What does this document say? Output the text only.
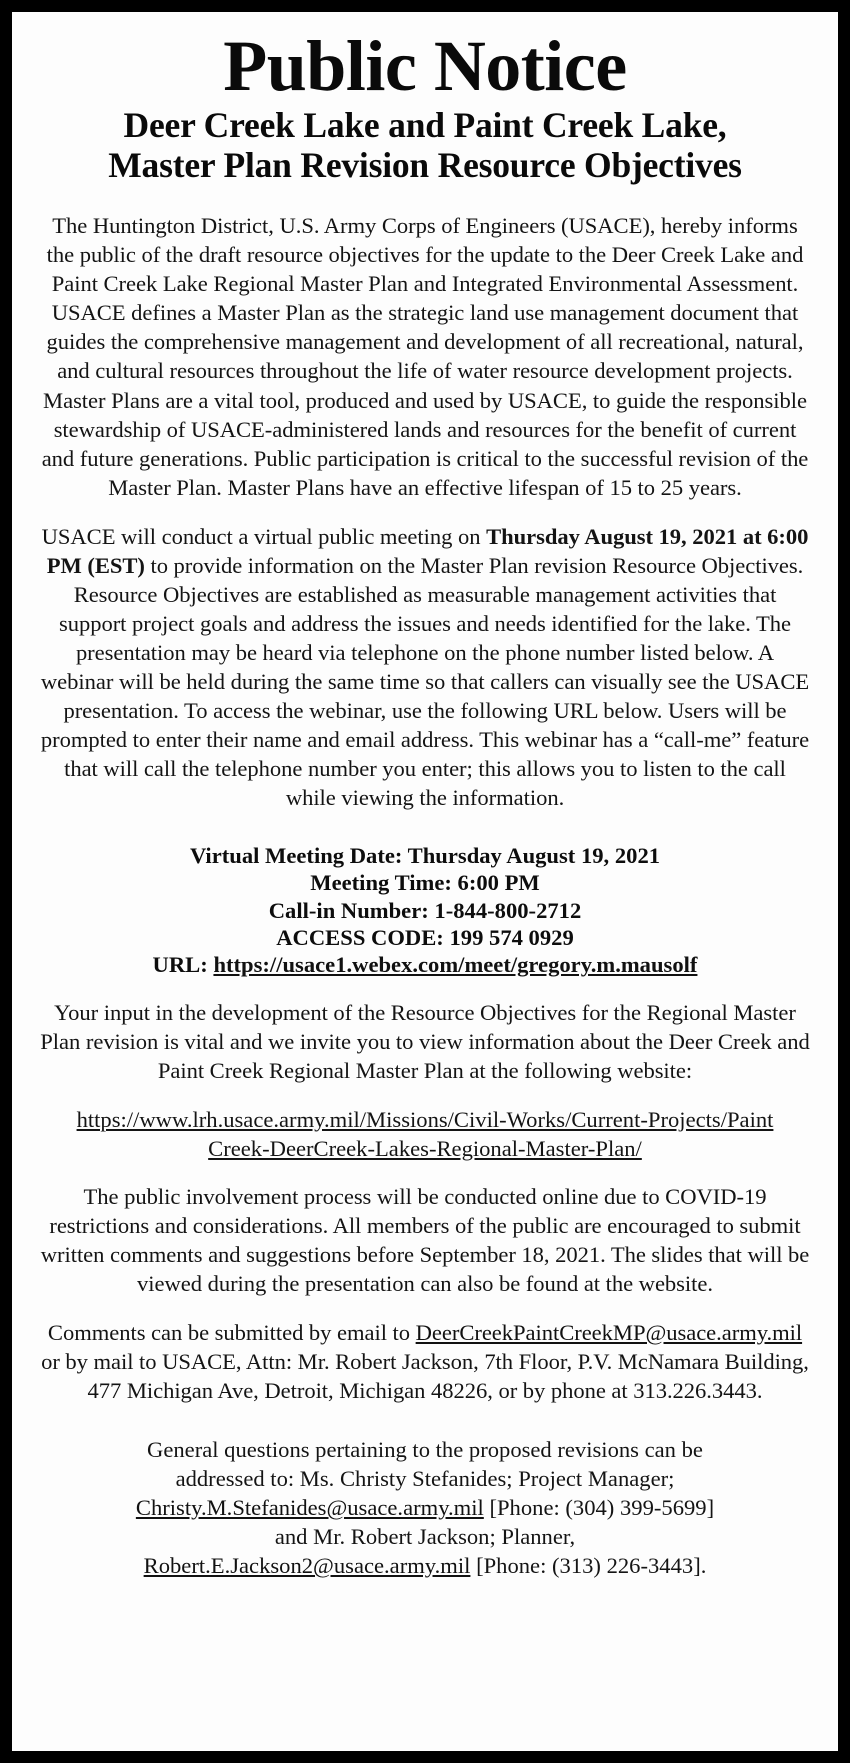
Public Notice
Deer Creek Lake and Paint Creek Lake,
Master Plan Revision Resource Objectives

The Huntington District, U.S. Army Corps of Engineers (USACE), hereby informs the public of the draft resource objectives for the update to the Deer Creek Lake and Paint Creek Lake Regional Master Plan and Integrated Environmental Assessment. USACE defines a Master Plan as the strategic land use management document that guides the comprehensive management and development of all recreational, natural, and cultural resources throughout the life of water resource development projects. Master Plans are a vital tool, produced and used by USACE, to guide the responsible stewardship of USACE-administered lands and resources for the benefit of current and future generations. Public participation is critical to the successful revision of the Master Plan. Master Plans have an effective lifespan of 15 to 25 years.

USACE will conduct a virtual public meeting on Thursday August 19, 2021 at 6:00 PM (EST) to provide information on the Master Plan revision Resource Objectives. Resource Objectives are established as measurable management activities that support project goals and address the issues and needs identified for the lake. The presentation may be heard via telephone on the phone number listed below. A webinar will be held during the same time so that callers can visually see the USACE presentation. To access the webinar, use the following URL below. Users will be prompted to enter their name and email address. This webinar has a “call-me” feature that will call the telephone number you enter; this allows you to listen to the call while viewing the information.

Virtual Meeting Date: Thursday August 19, 2021
Meeting Time: 6:00 PM
Call-in Number: 1-844-800-2712
ACCESS CODE: 199 574 0929
URL: https://usace1.webex.com/meet/gregory.m.mausolf

Your input in the development of the Resource Objectives for the Regional Master Plan revision is vital and we invite you to view information about the Deer Creek and Paint Creek Regional Master Plan at the following website:

https://www.lrh.usace.army.mil/Missions/Civil-Works/Current-Projects/Paint
Creek-DeerCreek-Lakes-Regional-Master-Plan/

The public involvement process will be conducted online due to COVID-19 restrictions and considerations. All members of the public are encouraged to submit written comments and suggestions before September 18, 2021. The slides that will be viewed during the presentation can also be found at the website.

Comments can be submitted by email to DeerCreekPaintCreekMP@usace.army.mil or by mail to USACE, Attn: Mr. Robert Jackson, 7th Floor, P.V. McNamara Building, 477 Michigan Ave, Detroit, Michigan 48226, or by phone at 313.226.3443.

General questions pertaining to the proposed revisions can be
addressed to: Ms. Christy Stefanides; Project Manager;
Christy.M.Stefanides@usace.army.mil [Phone: (304) 399-5699]
and Mr. Robert Jackson; Planner,
Robert.E.Jackson2@usace.army.mil [Phone: (313) 226-3443].
